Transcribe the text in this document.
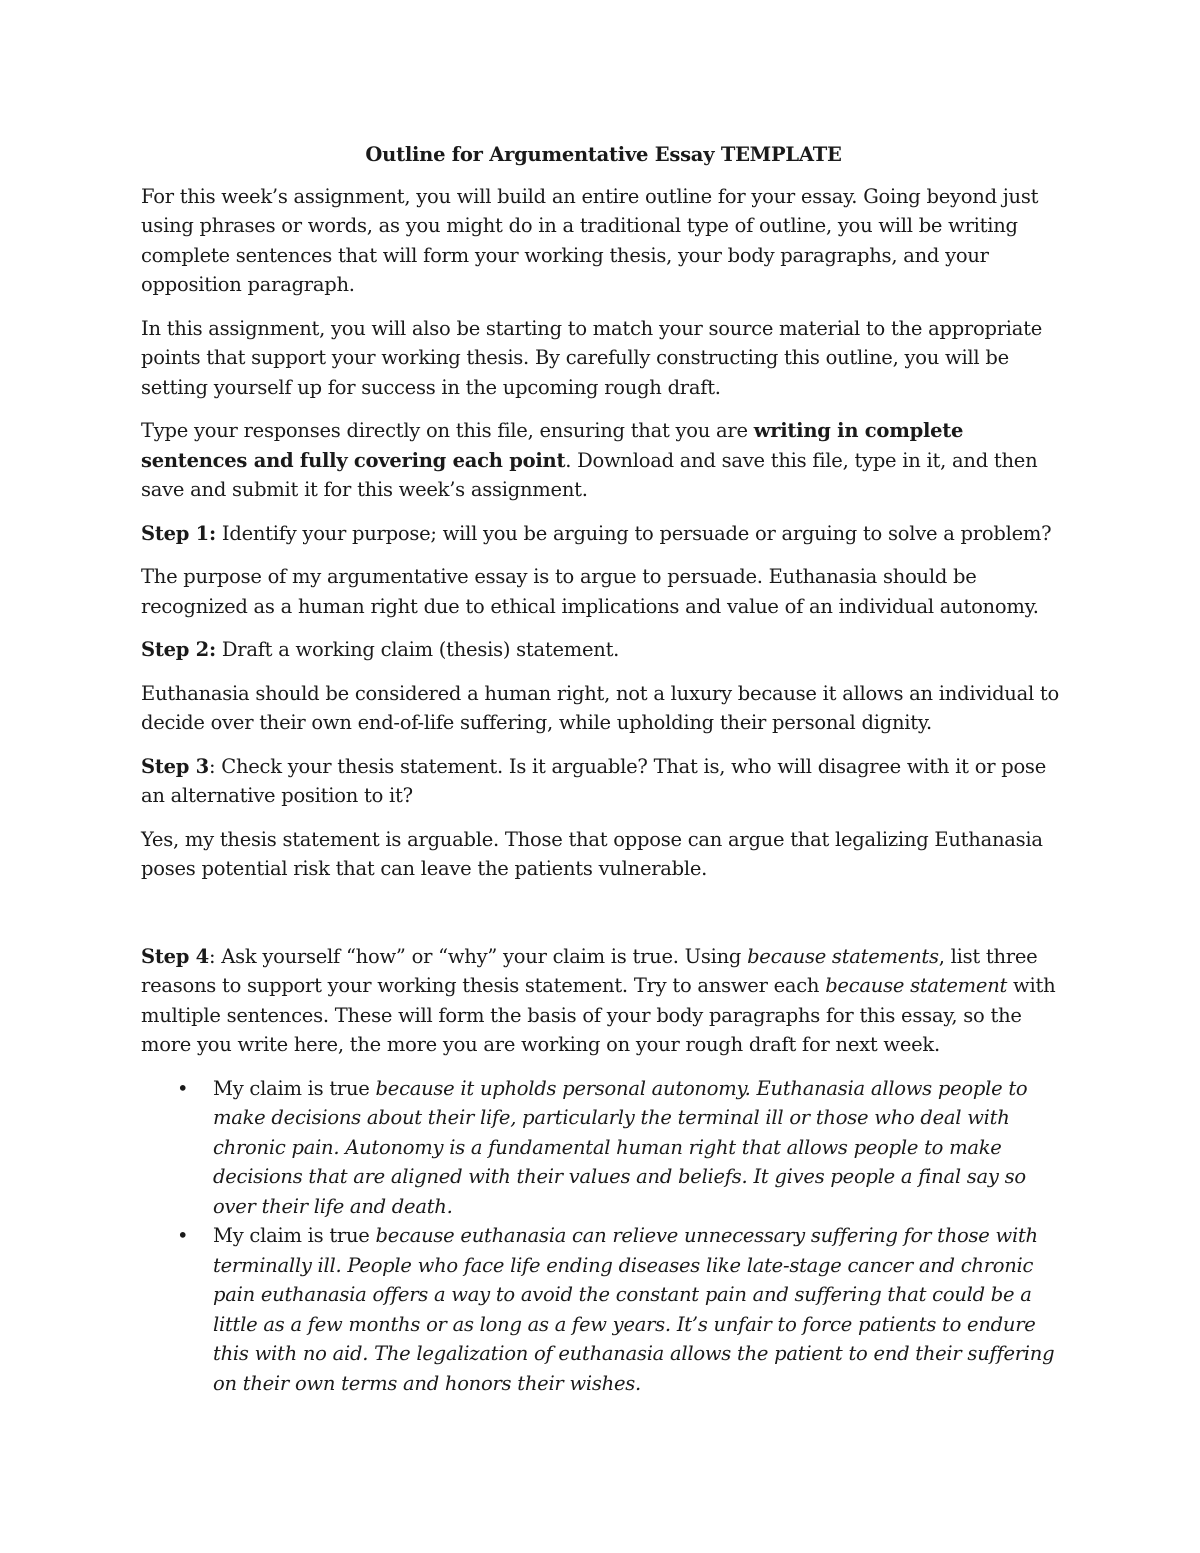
Outline for Argumentative Essay TEMPLATE

For this week’s assignment, you will build an entire outline for your essay. Going beyond just using phrases or words, as you might do in a traditional type of outline, you will be writing complete sentences that will form your working thesis, your body paragraphs, and your opposition paragraph.

In this assignment, you will also be starting to match your source material to the appropriate points that support your working thesis. By carefully constructing this outline, you will be setting yourself up for success in the upcoming rough draft.

Type your responses directly on this file, ensuring that you are writing in complete sentences and fully covering each point. Download and save this file, type in it, and then save and submit it for this week’s assignment.

Step 1: Identify your purpose; will you be arguing to persuade or arguing to solve a problem?

The purpose of my argumentative essay is to argue to persuade. Euthanasia should be recognized as a human right due to ethical implications and value of an individual autonomy.

Step 2: Draft a working claim (thesis) statement.

Euthanasia should be considered a human right, not a luxury because it allows an individual to decide over their own end-of-life suffering, while upholding their personal dignity.

Step 3: Check your thesis statement. Is it arguable? That is, who will disagree with it or pose an alternative position to it?

Yes, my thesis statement is arguable. Those that oppose can argue that legalizing Euthanasia poses potential risk that can leave the patients vulnerable.

Step 4: Ask yourself “how” or “why” your claim is true. Using because statements, list three reasons to support your working thesis statement. Try to answer each because statement with multiple sentences. These will form the basis of your body paragraphs for this essay, so the more you write here, the more you are working on your rough draft for next week.

• My claim is true because it upholds personal autonomy. Euthanasia allows people to make decisions about their life, particularly the terminal ill or those who deal with chronic pain. Autonomy is a fundamental human right that allows people to make decisions that are aligned with their values and beliefs. It gives people a final say so over their life and death.
• My claim is true because euthanasia can relieve unnecessary suffering for those with terminally ill. People who face life ending diseases like late-stage cancer and chronic pain euthanasia offers a way to avoid the constant pain and suffering that could be a little as a few months or as long as a few years. It’s unfair to force patients to endure this with no aid. The legalization of euthanasia allows the patient to end their suffering on their own terms and honors their wishes.
